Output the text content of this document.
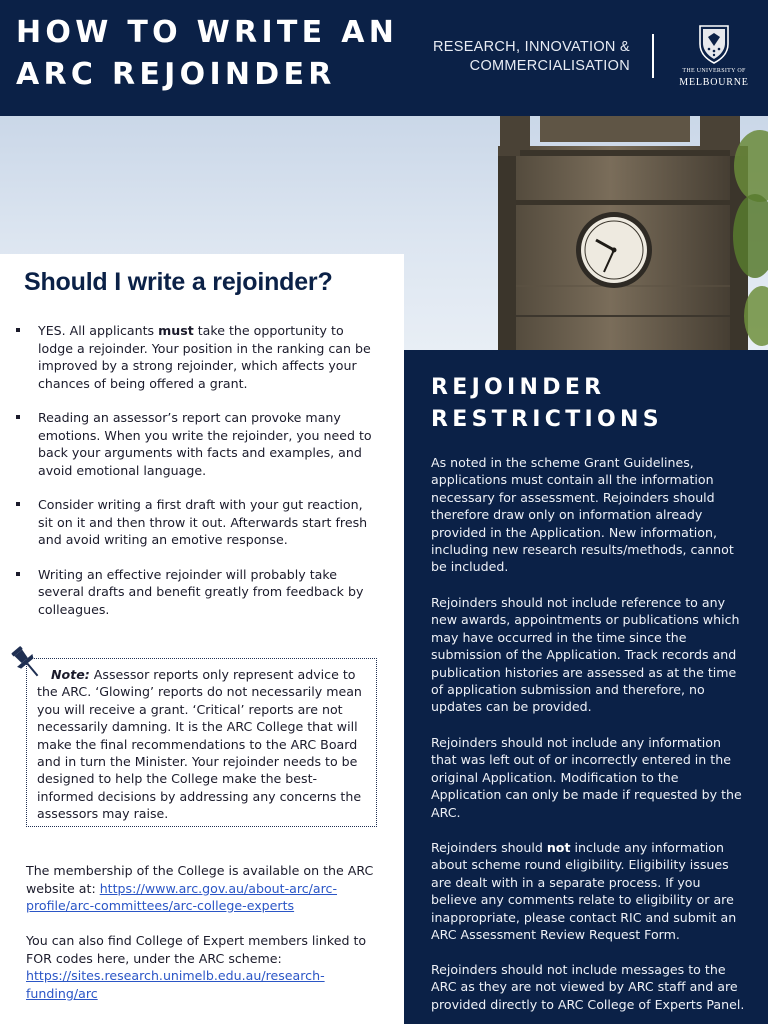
HOW TO WRITE AN
ARC REJOINDER
RESEARCH, INNOVATION &
COMMERCIALISATION	THE UNIVERSITY OF
MELBOURNE
Should I write a rejoinder?
YES. All applicants must take the opportunity to lodge a rejoinder. Your position in the ranking can be improved by a strong rejoinder, which affects your chances of being offered a grant.
Reading an assessor’s report can provoke many emotions. When you write the rejoinder, you need to back your arguments with facts and examples, and avoid emotional language.
Consider writing a first draft with your gut reaction, sit on it and then throw it out. Afterwards start fresh and avoid writing an emotive response.
Writing an effective rejoinder will probably take several drafts and benefit greatly from feedback by colleagues.
Note: Assessor reports only represent advice to the ARC. ‘Glowing’ reports do not necessarily mean you will receive a grant. ‘Critical’ reports are not necessarily damning. It is the ARC College that will make the final recommendations to the ARC Board and in turn the Minister. Your rejoinder needs to be designed to help the College make the best-informed decisions by addressing any concerns the assessors may raise.

The membership of the College is available on the ARC website at: https://www.arc.gov.au/about-arc/arc-profile/arc-committees/arc-college-experts

You can also find College of Expert members linked to FOR codes here, under the ARC scheme: https://sites.research.unimelb.edu.au/research-funding/arc

REJOINDER
RESTRICTIONS

As noted in the scheme Grant Guidelines, applications must contain all the information necessary for assessment. Rejoinders should therefore draw only on information already provided in the Application. New information, including new research results/methods, cannot be included.

Rejoinders should not include reference to any new awards, appointments or publications which may have occurred in the time since the submission of the Application. Track records and publication histories are assessed as at the time of application submission and therefore, no updates can be provided.

Rejoinders should not include any information that was left out of or incorrectly entered in the original Application. Modification to the Application can only be made if requested by the ARC.

Rejoinders should not include any information about scheme round eligibility. Eligibility issues are dealt with in a separate process. If you believe any comments relate to eligibility or are inappropriate, please contact RIC and submit an ARC Assessment Review Request Form.

Rejoinders should not include messages to the ARC as they are not viewed by ARC staff and are provided directly to ARC College of Experts Panel.
